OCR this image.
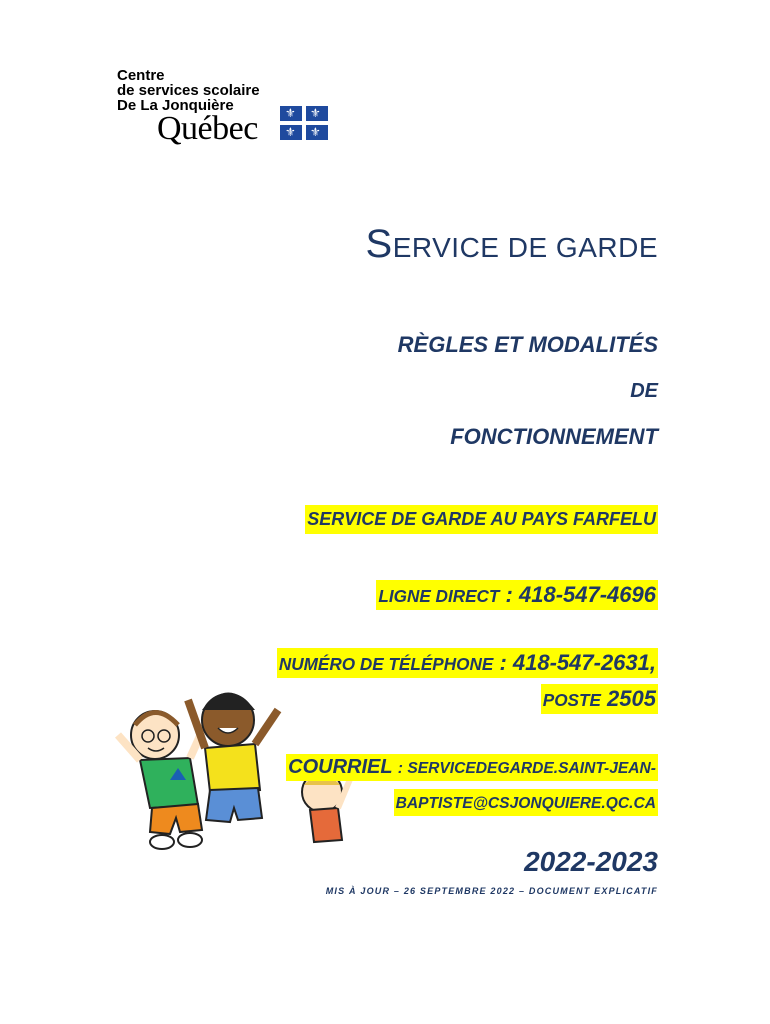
Centre
de services scolaire
De La Jonquière
Québec ⚜ ⚜
⚜ ⚜
SERVICE DE GARDE
RÈGLES ET MODALITÉS
DE
FONCTIONNEMENT
SERVICE DE GARDE AU PAYS FARFELU
LIGNE DIRECT : 418-547-4696
NUMÉRO DE TÉLÉPHONE : 418-547-2631,
POSTE 2505
COURRIEL : SERVICEDEGARDE.SAINT-JEAN-
BAPTISTE@CSJONQUIERE.QC.CA
2022-2023
MIS À JOUR – 26 SEPTEMBRE 2022 – DOCUMENT EXPLICATIF
